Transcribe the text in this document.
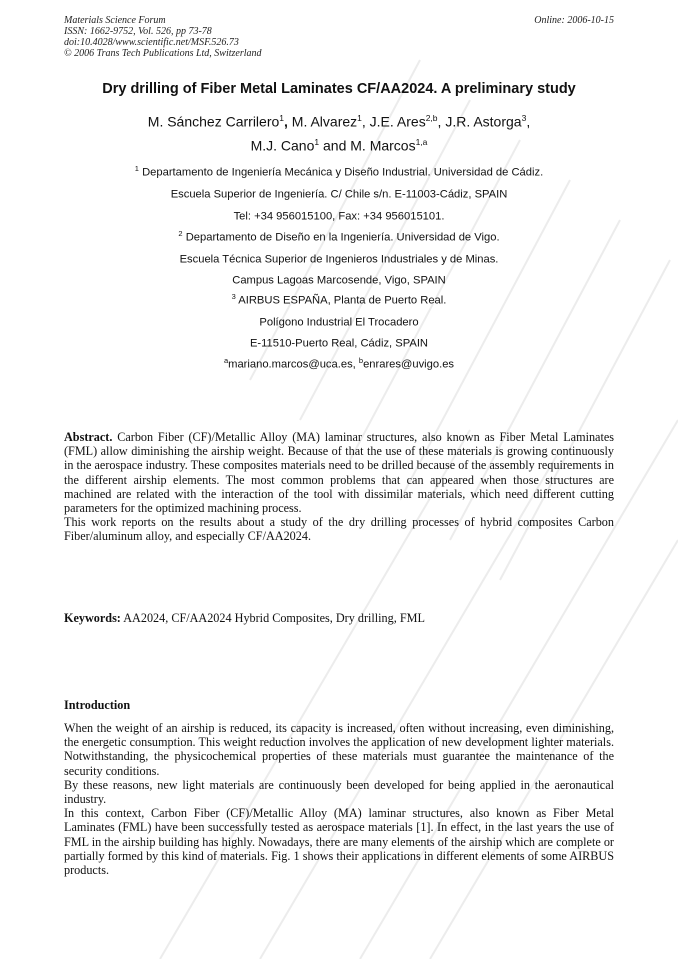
Materials Science Forum
ISSN: 1662-9752, Vol. 526, pp 73-78
doi:10.4028/www.scientific.net/MSF.526.73
© 2006 Trans Tech Publications Ltd, Switzerland
Online: 2006-10-15
Dry drilling of Fiber Metal Laminates CF/AA2024. A preliminary study
M. Sánchez Carrilero$^1$, M. Alvarez$^1$, J.E. Ares$^{2,b}$, J.R. Astorga$^3$,
M.J. Cano$^1$ and M. Marcos$^{1,a}$
$^1$ Departamento de Ingeniería Mecánica y Diseño Industrial. Universidad de Cádiz.
Escuela Superior de Ingeniería. C/ Chile s/n. E-11003-Cádiz, SPAIN
Tel: +34 956015100, Fax: +34 956015101.
$^2$ Departamento de Diseño en la Ingeniería. Universidad de Vigo.
Escuela Técnica Superior de Ingenieros Industriales y de Minas.
Campus Lagoas Marcosende, Vigo, SPAIN
$^3$ AIRBUS ESPAÑA, Planta de Puerto Real.
Polígono Industrial El Trocadero
E-11510-Puerto Real, Cádiz, SPAIN
$^a$mariano.marcos@uca.es, $^b$enrares@uvigo.es

Abstract. Carbon Fiber (CF)/Metallic Alloy (MA) laminar structures, also known as Fiber Metal Laminates (FML) allow diminishing the airship weight. Because of that the use of these materials is growing continuously in the aerospace industry. These composites materials need to be drilled because of the assembly requirements in the different airship elements. The most common problems that can appeared when those structures are machined are related with the interaction of the tool with dissimilar materials, which need different cutting parameters for the optimized machining process.

This work reports on the results about a study of the dry drilling processes of hybrid composites Carbon Fiber/aluminum alloy, and especially CF/AA2024.

Keywords: AA2024, CF/AA2024 Hybrid Composites, Dry drilling, FML
Introduction

When the weight of an airship is reduced, its capacity is increased, often without increasing, even diminishing, the energetic consumption. This weight reduction involves the application of new development lighter materials. Notwithstanding, the physicochemical properties of these materials must guarantee the maintenance of the security conditions.

By these reasons, new light materials are continuously been developed for being applied in the aeronautical industry.

In this context, Carbon Fiber (CF)/Metallic Alloy (MA) laminar structures, also known as Fiber Metal Laminates (FML) have been successfully tested as aerospace materials [1]. In effect, in the last years the use of FML in the airship building has highly. Nowadays, there are many elements of the airship which are complete or partially formed by this kind of materials. Fig. 1 shows their applications in different elements of some AIRBUS products.
